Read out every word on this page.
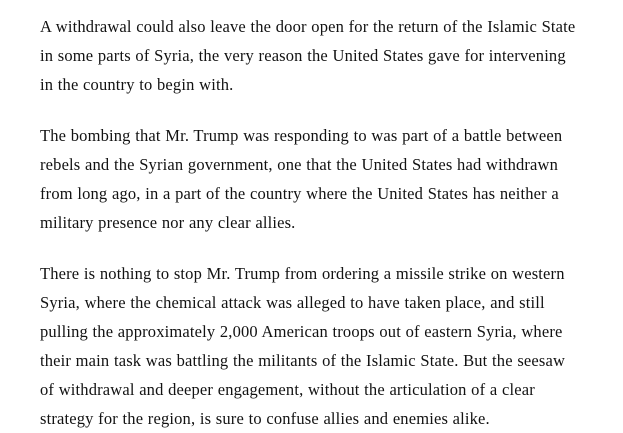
A withdrawal could also leave the door open for the return of the Islamic State in some parts of Syria, the very reason the United States gave for intervening in the country to begin with.

The bombing that Mr. Trump was responding to was part of a battle between rebels and the Syrian government, one that the United States had withdrawn from long ago, in a part of the country where the United States has neither a military presence nor any clear allies.

There is nothing to stop Mr. Trump from ordering a missile strike on western Syria, where the chemical attack was alleged to have taken place, and still pulling the approximately 2,000 American troops out of eastern Syria, where their main task was battling the militants of the Islamic State. But the seesaw of withdrawal and deeper engagement, without the articulation of a clear strategy for the region, is sure to confuse allies and enemies alike.
